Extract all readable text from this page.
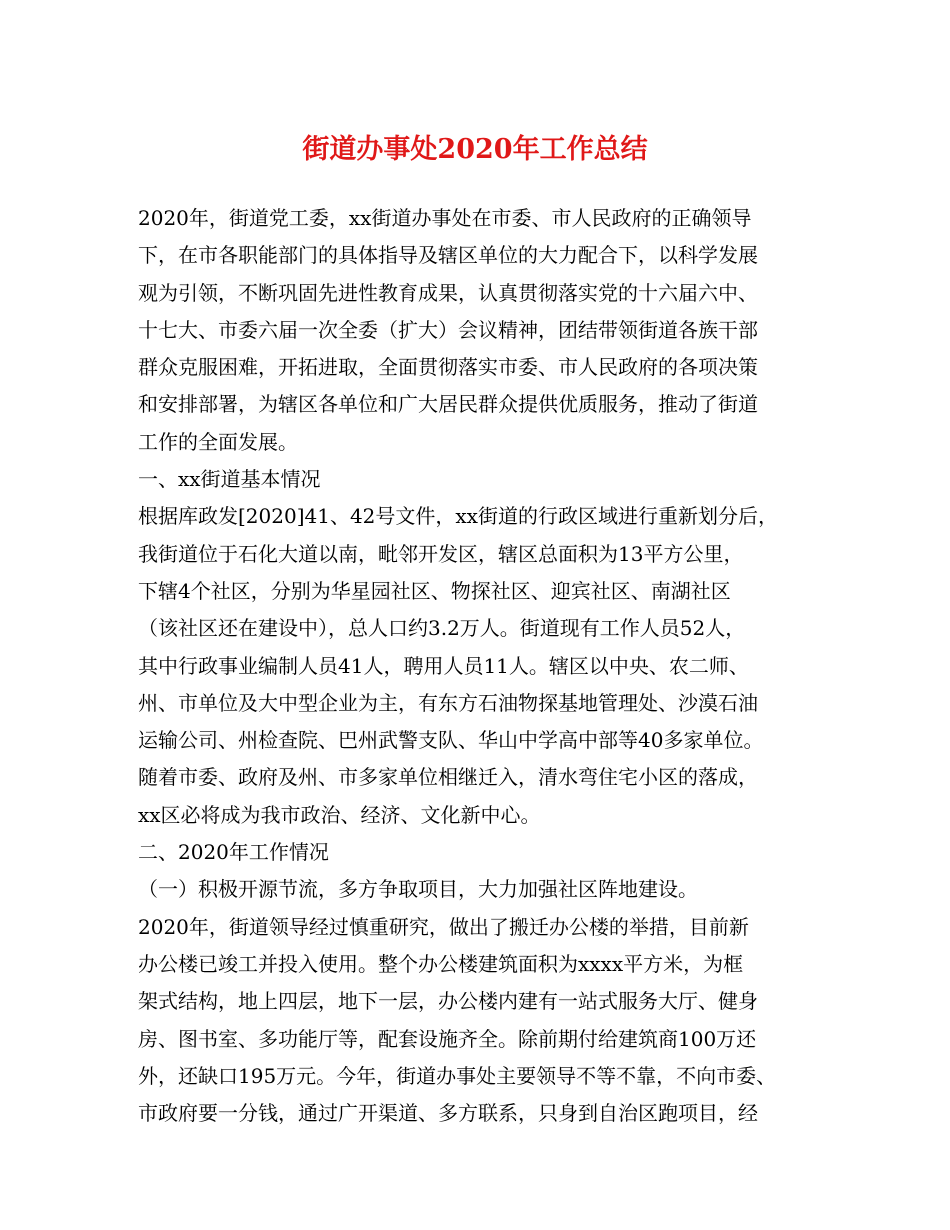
街道办事处2020年工作总结
2020年，街道党工委，xx街道办事处在市委、市人民政府的正确领导
下，在市各职能部门的具体指导及辖区单位的大力配合下，以科学发展
观为引领，不断巩固先进性教育成果，认真贯彻落实党的十六届六中、
十七大、市委六届一次全委（扩大）会议精神，团结带领街道各族干部
群众克服困难，开拓进取，全面贯彻落实市委、市人民政府的各项决策
和安排部署，为辖区各单位和广大居民群众提供优质服务，推动了街道
工作的全面发展。
一、xx街道基本情况
根据库政发[2020]41、42号文件，xx街道的行政区域进行重新划分后，
我街道位于石化大道以南，毗邻开发区，辖区总面积为13平方公里，
下辖4个社区，分别为华星园社区、物探社区、迎宾社区、南湖社区
（该社区还在建设中），总人口约3.2万人。街道现有工作人员52人，
其中行政事业编制人员41人，聘用人员11人。辖区以中央、农二师、
州、市单位及大中型企业为主，有东方石油物探基地管理处、沙漠石油
运输公司、州检查院、巴州武警支队、华山中学高中部等40多家单位。
随着市委、政府及州、市多家单位相继迁入，清水弯住宅小区的落成，
xx区必将成为我市政治、经济、文化新中心。
二、2020年工作情况
（一）积极开源节流，多方争取项目，大力加强社区阵地建设。
2020年，街道领导经过慎重研究，做出了搬迁办公楼的举措，目前新
办公楼已竣工并投入使用。整个办公楼建筑面积为xxxx平方米，为框
架式结构，地上四层，地下一层，办公楼内建有一站式服务大厅、健身
房、图书室、多功能厅等，配套设施齐全。除前期付给建筑商100万还
外，还缺口195万元。今年，街道办事处主要领导不等不靠，不向市委、
市政府要一分钱，通过广开渠道、多方联系，只身到自治区跑项目，经
